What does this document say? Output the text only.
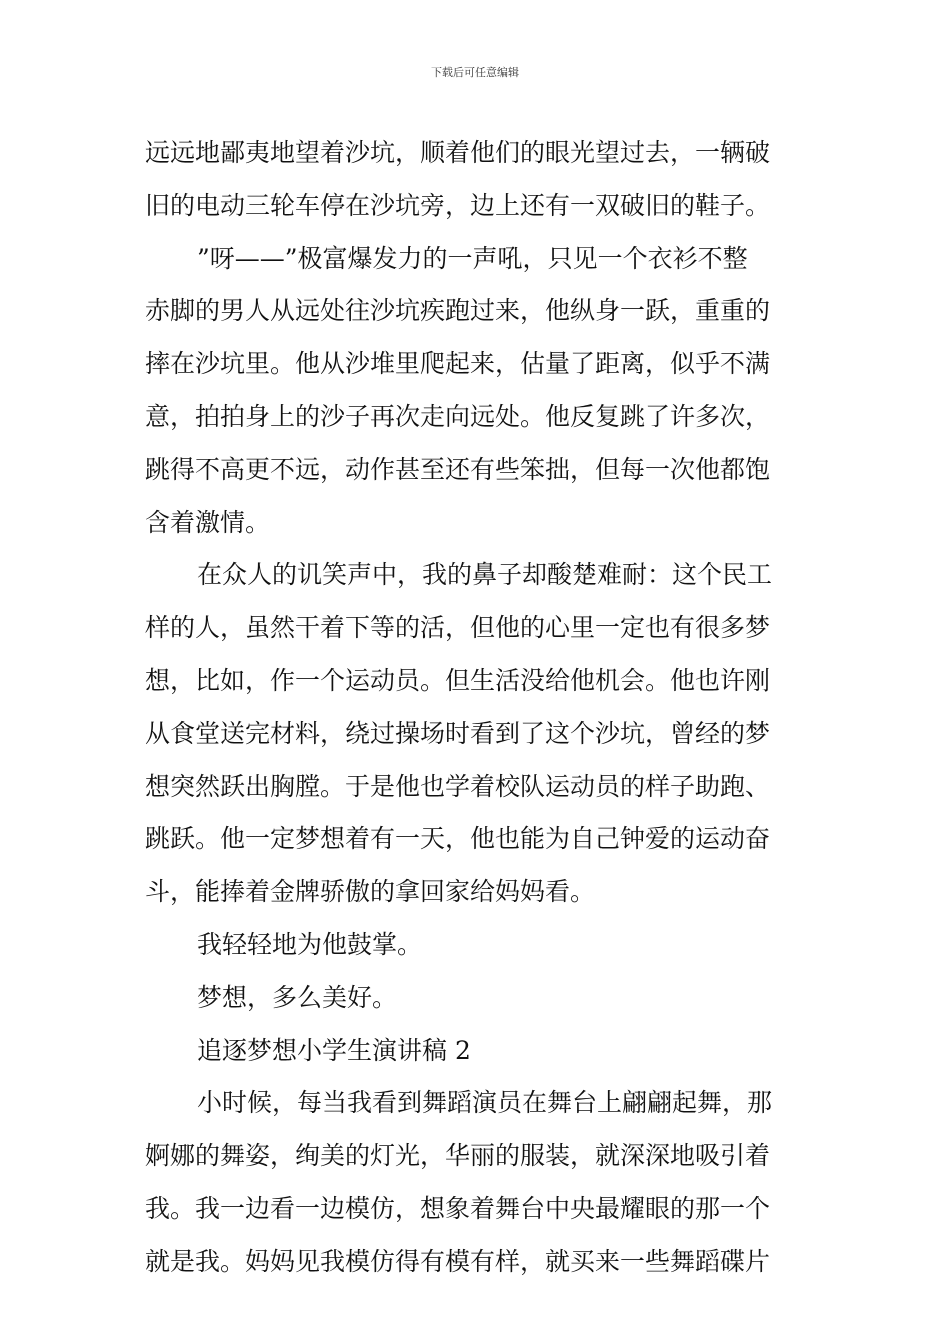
下载后可任意编辑
远远地鄙夷地望着沙坑，顺着他们的眼光望过去，一辆破
旧的电动三轮车停在沙坑旁，边上还有一双破旧的鞋子。
”呀——”极富爆发力的一声吼，只见一个衣衫不整
赤脚的男人从远处往沙坑疾跑过来，他纵身一跃，重重的
摔在沙坑里。他从沙堆里爬起来，估量了距离，似乎不满
意，拍拍身上的沙子再次走向远处。他反复跳了许多次，
跳得不高更不远，动作甚至还有些笨拙，但每一次他都饱
含着激情。
在众人的讥笑声中，我的鼻子却酸楚难耐：这个民工
样的人，虽然干着下等的活，但他的心里一定也有很多梦
想，比如，作一个运动员。但生活没给他机会。他也许刚
从食堂送完材料，绕过操场时看到了这个沙坑，曾经的梦
想突然跃出胸膛。于是他也学着校队运动员的样子助跑、
跳跃。他一定梦想着有一天，他也能为自己钟爱的运动奋
斗，能捧着金牌骄傲的拿回家给妈妈看。
我轻轻地为他鼓掌。
梦想，多么美好。
追逐梦想小学生演讲稿 2
小时候，每当我看到舞蹈演员在舞台上翩翩起舞，那
婀娜的舞姿，绚美的灯光，华丽的服装，就深深地吸引着
我。我一边看一边模仿，想象着舞台中央最耀眼的那一个
就是我。妈妈见我模仿得有模有样，就买来一些舞蹈碟片
